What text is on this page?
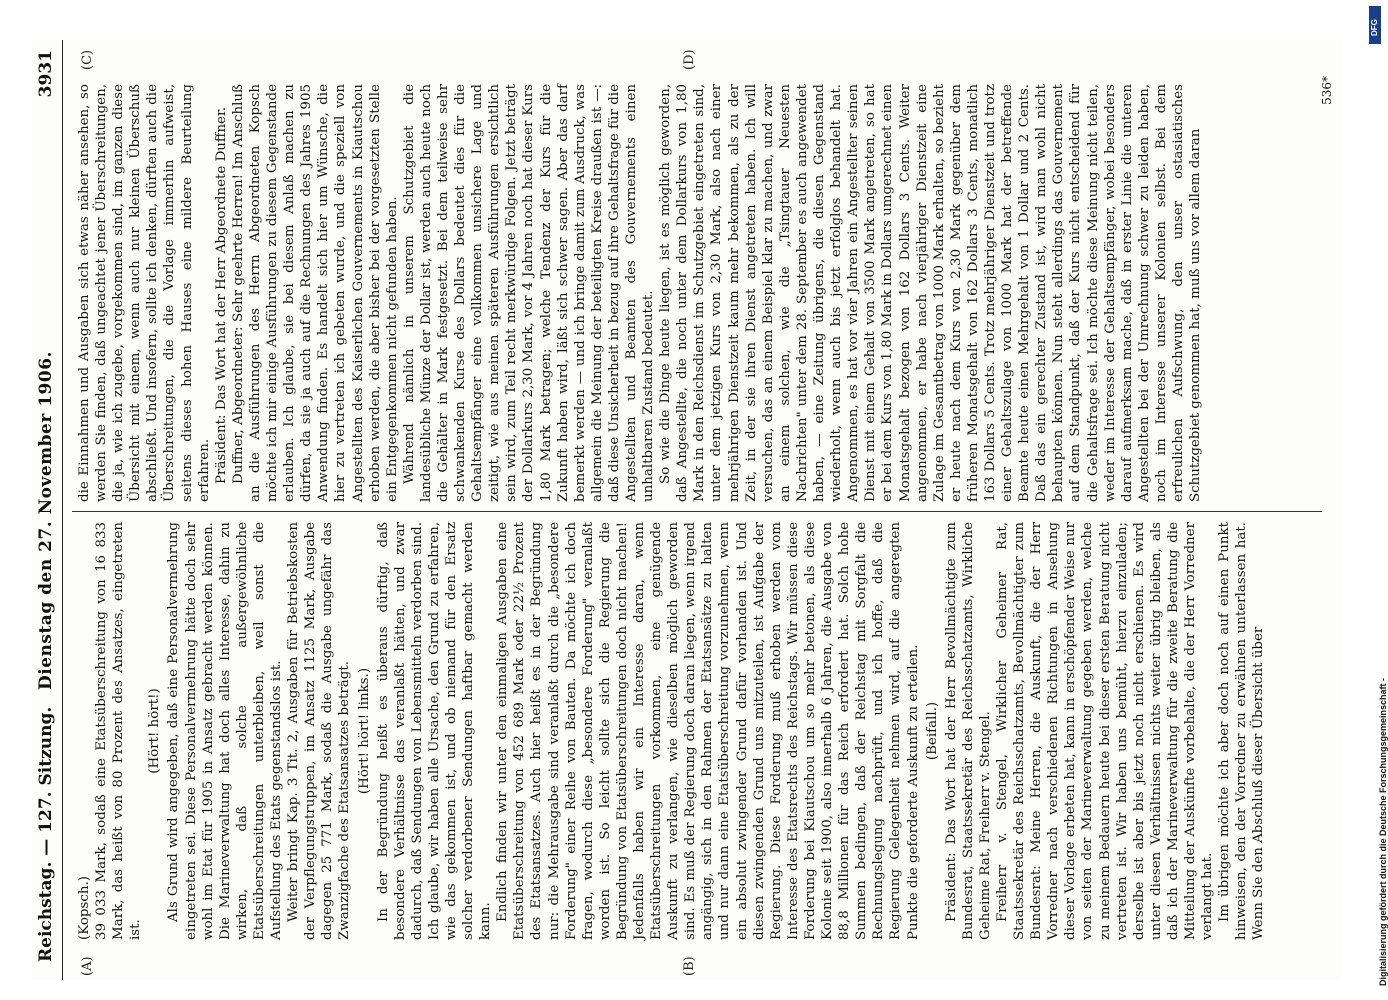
Reichstag. — 127. Sitzung.
Dienstag den 27. November 1906.
3931
(A)	(B)
(C)	(D)

(Kopsch.) 39 033 Mark, sodaß eine Etatsüberschreitung von 16 833 Mark, das heißt von 80 Prozent des Ansatzes, eingetreten ist.

(Hört! hört!) Als Grund wird angegeben, daß eine Personalvermehrung eingetreten sei. Diese Personalvermehrung hätte doch sehr wohl im Etat für 1905 in Ansatz gebracht werden können. Die Marineverwaltung hat doch alles Interesse, dahin zu wirken, daß solche außergewöhnliche Etatsüberschreitungen unterbleiben, weil sonst die Aufstellung des Etats gegenstandslos ist. Weiter bringt Kap. 3 Tit. 2, Ausgaben für Betriebskosten der Verpflegungstruppen, im Ansatz 1125 Mark, Ausgabe dagegen 25 771 Mark, sodaß die Ausgabe ungefähr das Zwanzigfache des Etatsansatzes beträgt. (Hört! hört! links.) In der Begründung heißt es überaus dürftig, daß besondere Verhältnisse das veranlaßt hätten, und zwar dadurch, daß Sendungen von Lebensmitteln verdorben sind. Ich glaube, wir haben alle Ursache, den Grund zu erfahren, wie das gekommen ist, und ob niemand für den Ersatz solcher verdorbener Sendungen haftbar gemacht werden kann. Endlich finden wir unter den einmaligen Ausgaben eine Etatsüberschreitung von 452 689 Mark oder 22½ Prozent des Etatsansatzes. Auch hier heißt es in der Begründung nur: die Mehrausgabe sind veranlaßt durch die „besondere Forderung" einer Reihe von Bauten. Da möchte ich doch fragen, wodurch diese „besondere Forderung" veranlaßt worden ist. So leicht sollte sich die Regierung die Begründung von Etatsüberschreitungen doch nicht machen! Jedenfalls haben wir ein Interesse daran, wenn Etatsüberschreitungen vorkommen, eine genügende Auskunft zu verlangen, wie dieselben möglich geworden sind. Es muß der Regierung doch daran liegen, wenn irgend angängig, sich in den Rahmen der Etatsansätze zu halten und nur dann eine Etatsüberschreitung vorzunehmen, wenn ein absolut zwingender Grund dafür vorhanden ist. Und diesen zwingenden Grund uns mitzuteilen, ist Aufgabe der Regierung. Diese Forderung muß erhoben werden vom Interesse des Etatsrechts des Reichstags. Wir müssen diese Forderung bei Kiautschou um so mehr betonen, als diese Kolonie seit 1900, also innerhalb 6 Jahren, die Ausgabe von 88,8 Millionen für das Reich erfordert hat. Solch hohe Summen bedingen, daß der Reichstag mit Sorgfalt die Rechnungslegung nachprüft, und ich hoffe, daß die Regierung Gelegenheit nehmen wird, auf die angeregten Punkte die geforderte Auskunft zu erteilen. (Beifall.) Präsident: Das Wort hat der Herr Bevollmächtigte zum Bundesrat, Staatssekretär des Reichsschatzamts, Wirkliche Geheime Rat, Freiherr v. Stengel. Freiherr v. Stengel, Wirklicher Geheimer Rat, Staatssekretär des Reichsschatzamts, Bevollmächtigter zum Bundesrat: Meine Herren, die Auskunft, die der Herr Vorredner nach verschiedenen Richtungen in Ansehung dieser Vorlage erbeten hat, kann in erschöpfender Weise nur von seiten der Marineverwaltung gegeben werden, welche zu meinem Bedauern heute bei dieser ersten Beratung nicht vertreten ist. Wir haben uns bemüht, hierzu einzuladen; derselbe ist aber bis jetzt noch nicht erschienen. Es wird unter diesen Verhältnissen nichts weiter übrig bleiben, als daß ich der Marineverwaltung für die zweite Beratung die Mitteilung der Auskünfte vorbehalte, die der Herr Vorredner verlangt hat. Im übrigen möchte ich aber doch noch auf einen Punkt hinweisen, den der Vorredner zu erwähnen unterlassen hat. Wenn Sie den Abschluß dieser Übersicht über

die Einnahmen und Ausgaben sich etwas näher ansehen, so werden Sie finden, daß ungeachtet jener Überschreitungen, die ja, wie ich zugebe, vorgekommen sind, im ganzen diese Übersicht mit einem, wenn auch nur kleinen Überschuß abschließt. Und insofern, sollte ich denken, dürften auch die Überschreitungen, die die Vorlage immerhin aufweist, seitens dieses hohen Hauses eine mildere Beurteilung erfahren. Präsident: Das Wort hat der Herr Abgeordnete Duffner. Duffner, Abgeordneter: Sehr geehrte Herren! Im Anschluß an die Ausführungen des Herrn Abgeordneten Kopsch möchte ich mir einige Ausführungen zu diesem Gegenstande erlauben. Ich glaube, sie bei diesem Anlaß machen zu dürfen, da sie ja auch auf die Rechnungen des Jahres 1905 Anwendung finden. Es handelt sich hier um Wünsche, die hier zu vertreten ich gebeten wurde, und die speziell von Angestellten des Kaiserlichen Gouvernements in Kiautschou erhoben werden, die aber bisher bei der vorgesetzten Stelle ein Entgegenkommen nicht gefunden haben. Während nämlich in unserem Schutzgebiet die landesübliche Münze der Dollar ist, werden auch heute noch die Gehälter in Mark festgesetzt. Bei dem teilweise sehr schwankenden Kurse des Dollars bedeutet dies für die Gehaltsempfänger eine vollkommen unsichere Lage und zeitigt, wie aus meinen späteren Ausführungen ersichtlich sein wird, zum Teil recht merkwürdige Folgen. Jetzt beträgt der Dollarkurs 2,30 Mark, vor 4 Jahren noch hat dieser Kurs 1,80 Mark betragen; welche Tendenz der Kurs für die Zukunft haben wird, läßt sich schwer sagen. Aber das darf bemerkt werden — und ich bringe damit zum Ausdruck, was allgemein die Meinung der beteiligten Kreise draußen ist —: daß diese Unsicherheit in bezug auf ihre Gehaltsfrage für die Angestellten und Beamten des Gouvernements einen unhaltbaren Zustand bedeutet. So wie die Dinge heute liegen, ist es möglich geworden, daß Angestellte, die noch unter dem Dollarkurs von 1,80 Mark in den Reichsdienst im Schutzgebiet eingetreten sind, unter dem jetzigen Kurs von 2,30 Mark, also nach einer mehrjährigen Dienstzeit kaum mehr bekommen, als zu der Zeit, in der sie ihren Dienst angetreten haben. Ich will versuchen, das an einem Beispiel klar zu machen, und zwar an einem solchen, wie die „Tsingtauer Neuesten Nachrichten" unter dem 28. September es auch angewendet haben, — eine Zeitung übrigens, die diesen Gegenstand wiederholt, wenn auch bis jetzt erfolglos behandelt hat. Angenommen, es hat vor vier Jahren ein Angestellter seinen Dienst mit einem Gehalt von 3500 Mark angetreten, so hat er bei dem Kurs von 1,80 Mark in Dollars umgerechnet einen Monatsgehalt bezogen von 162 Dollars 3 Cents. Weiter angenommen, er habe nach vierjähriger Dienstzeit eine Zulage im Gesamtbetrag von 1000 Mark erhalten, so bezieht er heute nach dem Kurs von 2,30 Mark gegenüber dem früheren Monatsgehalt von 162 Dollars 3 Cents, monatlich 163 Dollars 5 Cents. Trotz mehrjähriger Dienstzeit und trotz einer Gehaltszulage von 1000 Mark hat der betreffende Beamte heute einen Mehrgehalt von 1 Dollar und 2 Cents. Daß das ein gerechter Zustand ist, wird man wohl nicht behaupten können. Nun steht allerdings das Gouvernement auf dem Standpunkt, daß der Kurs nicht entscheidend für die Gehaltsfrage sei. Ich möchte diese Meinung nicht teilen, weder im Interesse der Gehaltsempfänger, wobei besonders darauf aufmerksam mache, daß in erster Linie die unteren Angestellten bei der Umrechnung schwer zu leiden haben, noch im Interesse unserer Kolonien selbst. Bei dem erfreulichen Aufschwung, den unser ostasiatisches Schutzgebiet genommen hat, muß uns vor allem daran

536*
DFG
Digitalisierung gefördert durch die Deutsche Forschungsgemeinschaft -
